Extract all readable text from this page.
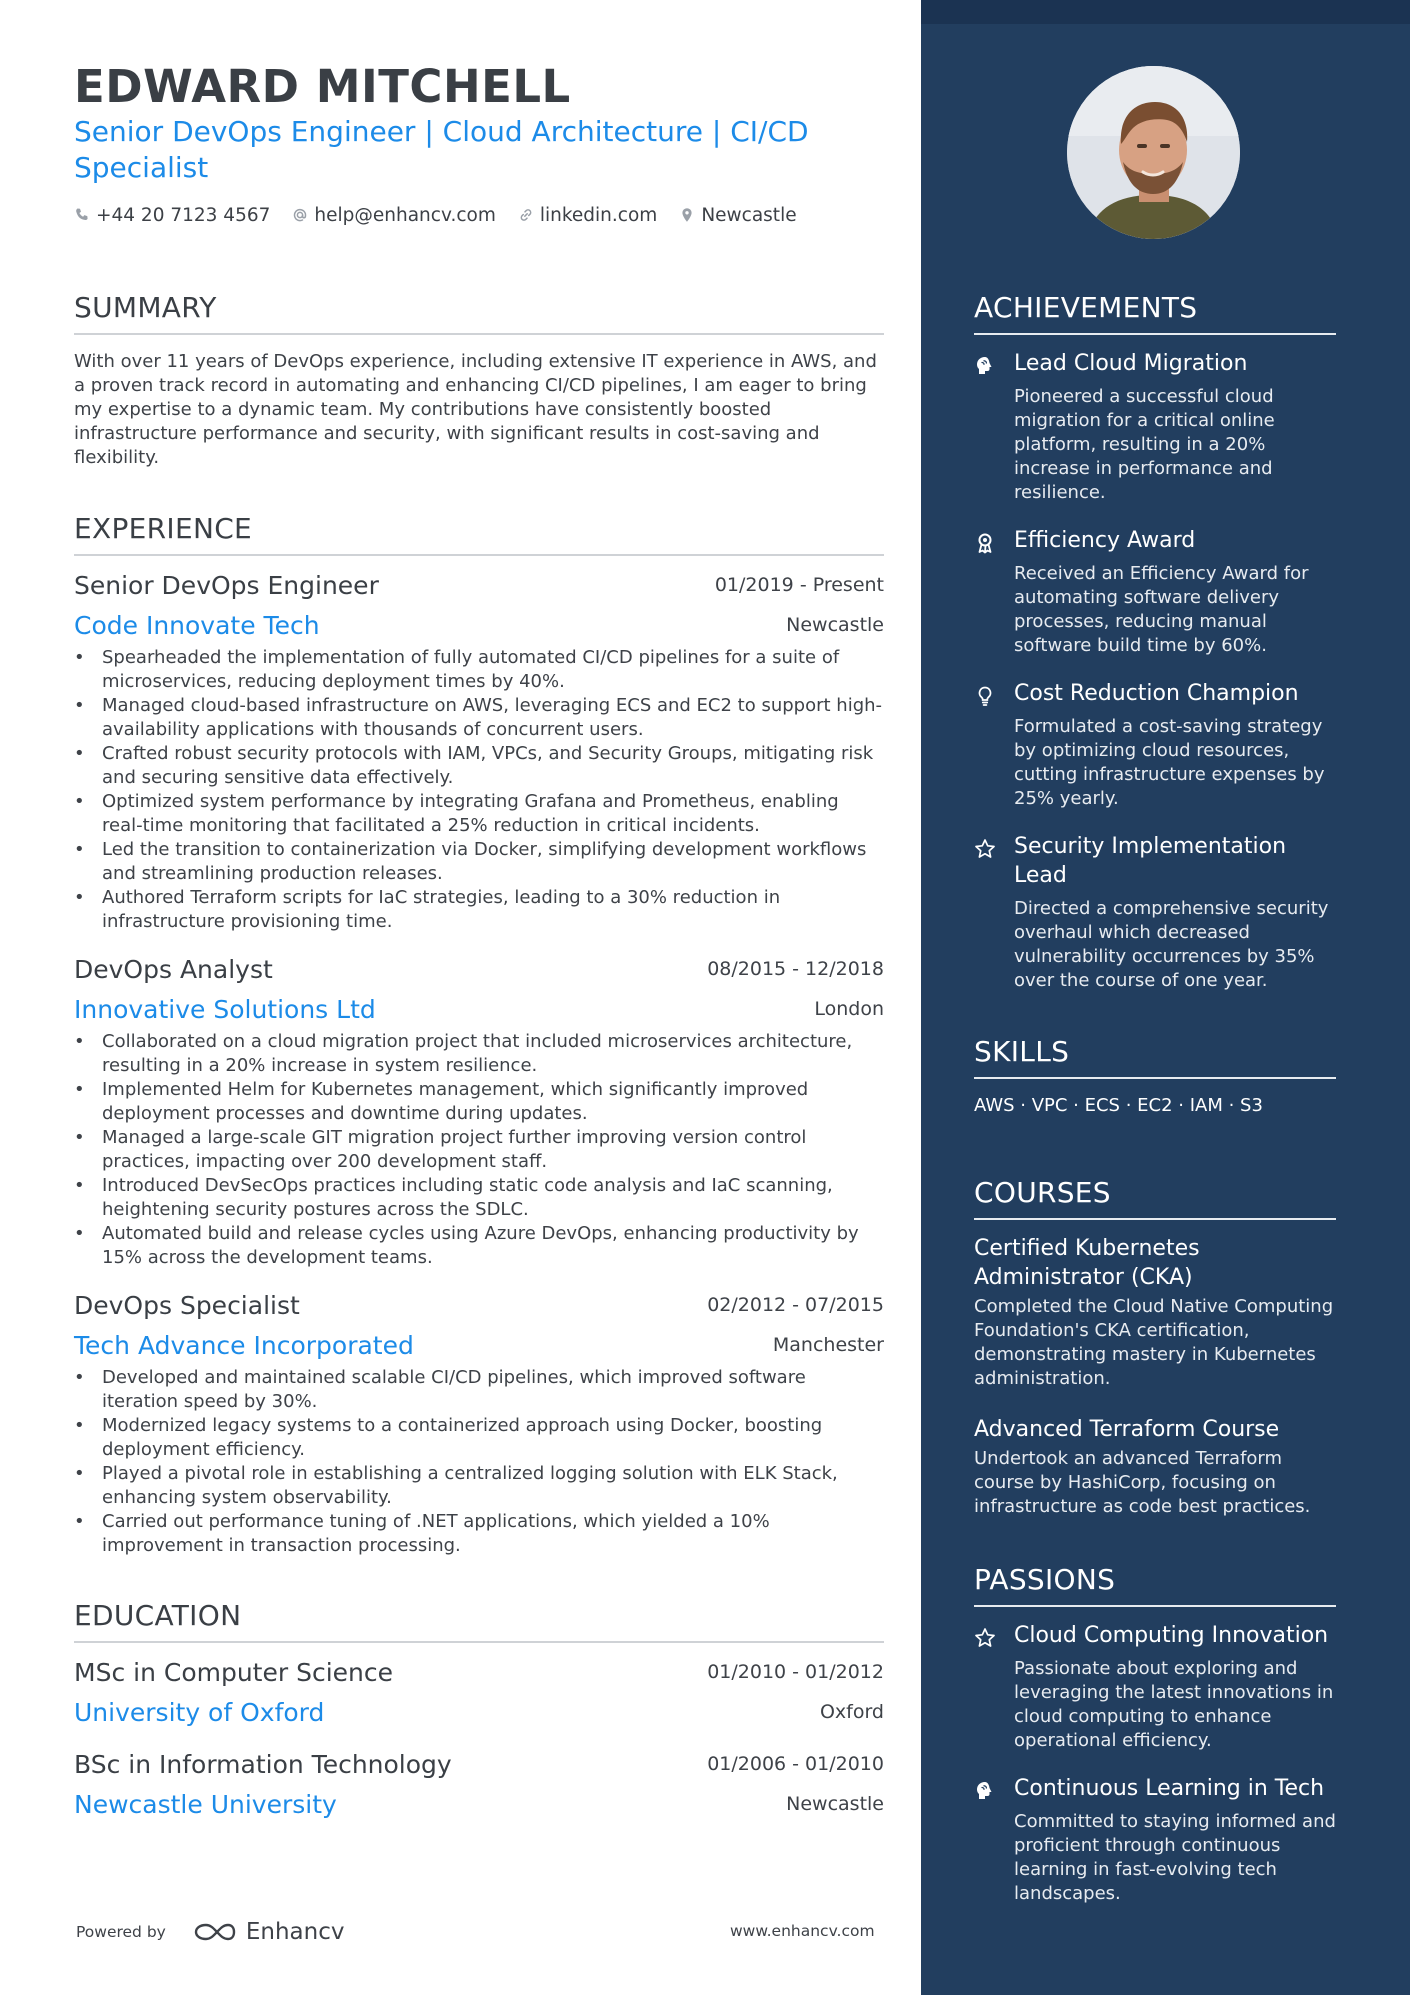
EDWARD MITCHELL
Senior DevOps Engineer | Cloud Architecture | CI/CD Specialist
+44 20 7123 4567 help@enhancv.com linkedin.com Newcastle
SUMMARY
With over 11 years of DevOps experience, including extensive IT experience in AWS, and a proven track record in automating and enhancing CI/CD pipelines, I am eager to bring my expertise to a dynamic team. My contributions have consistently boosted infrastructure performance and security, with significant results in cost-saving and flexibility.
EXPERIENCE
Senior DevOps Engineer	01/2019 - Present
Code Innovate Tech	Newcastle
• Spearheaded the implementation of fully automated CI/CD pipelines for a suite of microservices, reducing deployment times by 40%.
• Managed cloud-based infrastructure on AWS, leveraging ECS and EC2 to support high-availability applications with thousands of concurrent users.
• Crafted robust security protocols with IAM, VPCs, and Security Groups, mitigating risk and securing sensitive data effectively.
• Optimized system performance by integrating Grafana and Prometheus, enabling real-time monitoring that facilitated a 25% reduction in critical incidents.
• Led the transition to containerization via Docker, simplifying development workflows and streamlining production releases.
• Authored Terraform scripts for IaC strategies, leading to a 30% reduction in infrastructure provisioning time.
DevOps Analyst	08/2015 - 12/2018
Innovative Solutions Ltd	London
• Collaborated on a cloud migration project that included microservices architecture, resulting in a 20% increase in system resilience.
• Implemented Helm for Kubernetes management, which significantly improved deployment processes and downtime during updates.
• Managed a large-scale GIT migration project further improving version control practices, impacting over 200 development staff.
• Introduced DevSecOps practices including static code analysis and IaC scanning, heightening security postures across the SDLC.
• Automated build and release cycles using Azure DevOps, enhancing productivity by 15% across the development teams.
DevOps Specialist	02/2012 - 07/2015
Tech Advance Incorporated	Manchester
• Developed and maintained scalable CI/CD pipelines, which improved software iteration speed by 30%.
• Modernized legacy systems to a containerized approach using Docker, boosting deployment efficiency.
• Played a pivotal role in establishing a centralized logging solution with ELK Stack, enhancing system observability.
• Carried out performance tuning of .NET applications, which yielded a 10% improvement in transaction processing.
EDUCATION
MSc in Computer Science	01/2010 - 01/2012
University of Oxford	Oxford
BSc in Information Technology	01/2006 - 01/2010
Newcastle University	Newcastle
Powered by	Enhancv	www.enhancv.com
ACHIEVEMENTS
Lead Cloud Migration
Pioneered a successful cloud migration for a critical online platform, resulting in a 20% increase in performance and resilience.
Efficiency Award
Received an Efficiency Award for automating software delivery processes, reducing manual software build time by 60%.
Cost Reduction Champion
Formulated a cost-saving strategy by optimizing cloud resources, cutting infrastructure expenses by 25% yearly.
Security Implementation Lead
Directed a comprehensive security overhaul which decreased vulnerability occurrences by 35% over the course of one year.
SKILLS
AWS · VPC · ECS · EC2 · IAM · S3
COURSES
Certified Kubernetes Administrator (CKA)
Completed the Cloud Native Computing Foundation's CKA certification, demonstrating mastery in Kubernetes administration.
Advanced Terraform Course
Undertook an advanced Terraform course by HashiCorp, focusing on infrastructure as code best practices.
PASSIONS
Cloud Computing Innovation
Passionate about exploring and leveraging the latest innovations in cloud computing to enhance operational efficiency.
Continuous Learning in Tech
Committed to staying informed and proficient through continuous learning in fast-evolving tech landscapes.
